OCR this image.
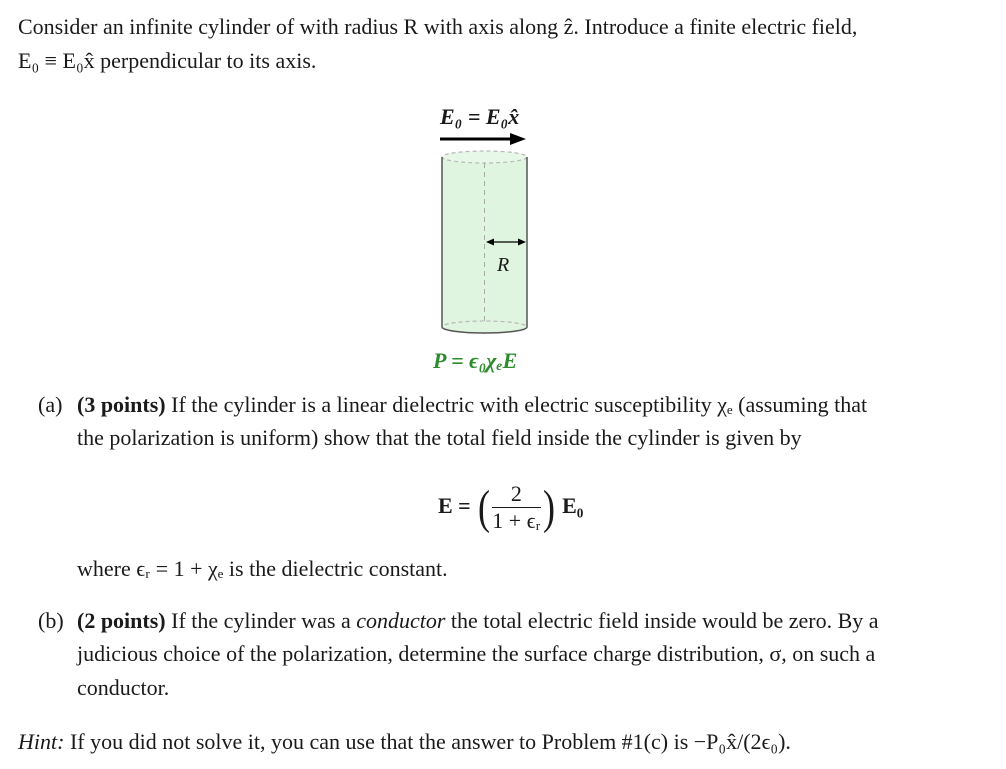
Consider an infinite cylinder of with radius R with axis along ẑ. Introduce a finite electric field,
E₀ ≡ E₀x̂ perpendicular to its axis.
E₀ = E₀x̂
R
P = ϵ₀χₑE
(a) (3 points) If the cylinder is a linear dielectric with electric susceptibility χₑ (assuming that
the polarization is uniform) show that the total field inside the cylinder is given by
E = ( $\frac{2}{\text{1 + ϵᵣ}}$ ) E₀
where ϵᵣ = 1 + χₑ is the dielectric constant.
(b) (2 points) If the cylinder was a conductor the total electric field inside would be zero. By a
judicious choice of the polarization, determine the surface charge distribution, σ, on such a
conductor.
Hint: If you did not solve it, you can use that the answer to Problem #1(c) is −P₀x̂/(2ϵ₀).
